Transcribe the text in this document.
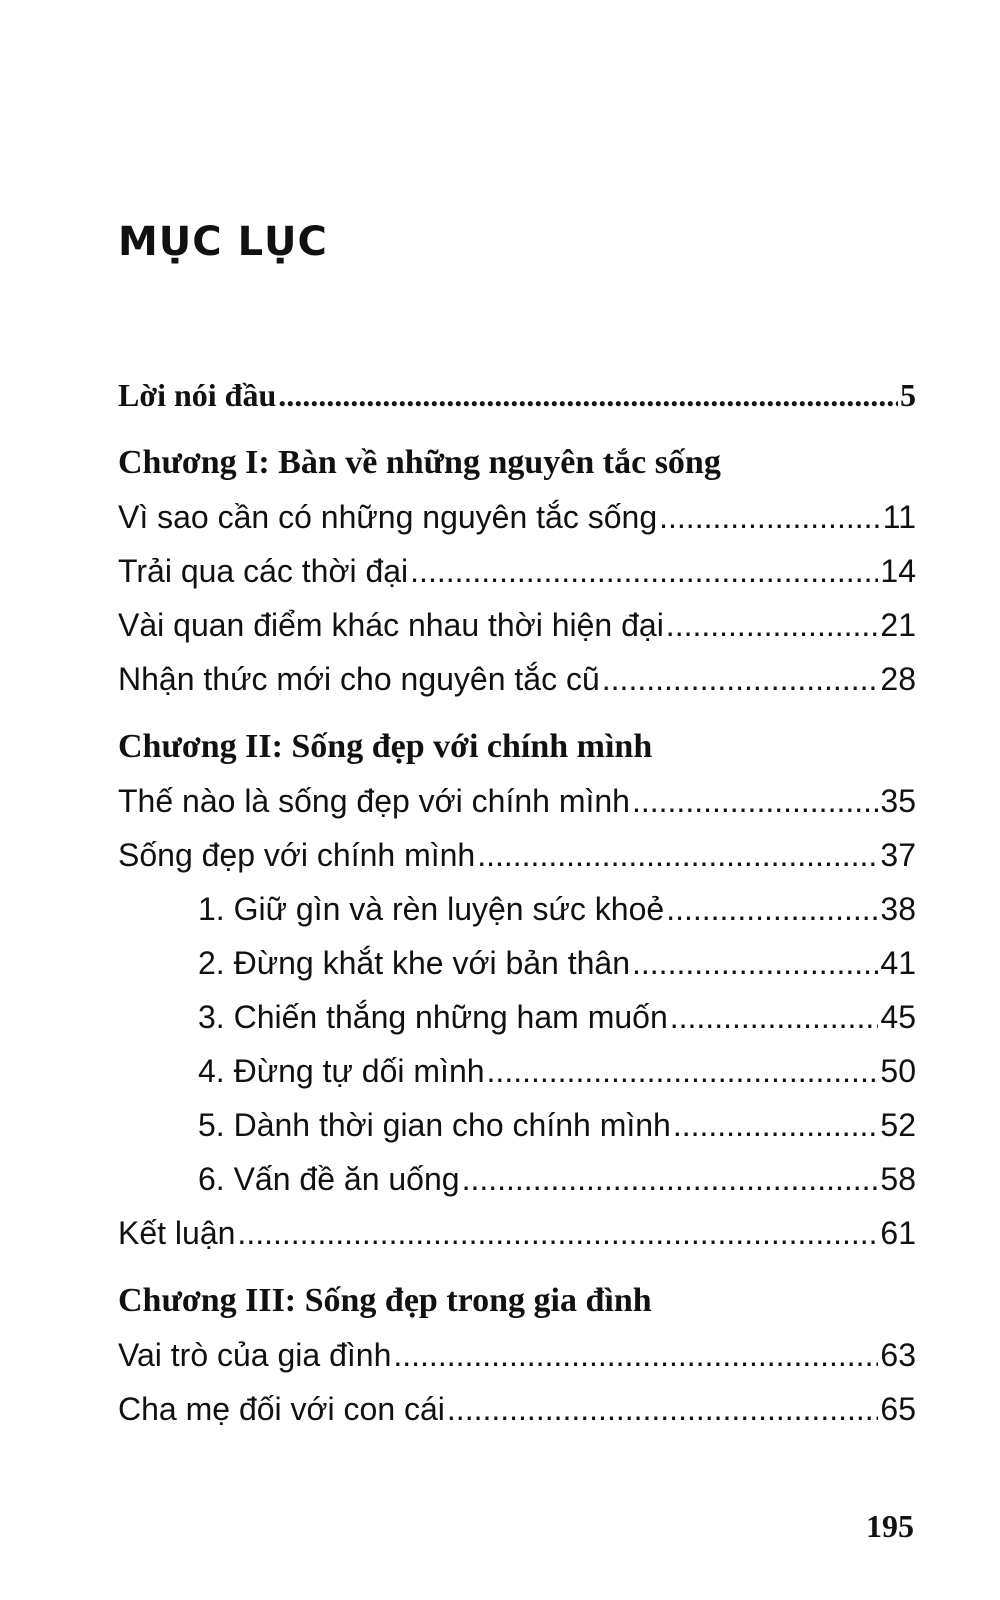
MỤC LỤC
Lời nói đầu .....	5
Chương I: Bàn về những nguyên tắc sống
Vì sao cần có những nguyên tắc sống .....	11
Trải qua các thời đại .....	14
Vài quan điểm khác nhau thời hiện đại .....	21
Nhận thức mới cho nguyên tắc cũ .....	28
Chương II: Sống đẹp với chính mình
Thế nào là sống đẹp với chính mình .....	35
Sống đẹp với chính mình .....	37
1. Giữ gìn và rèn luyện sức khoẻ .....	38
2. Đừng khắt khe với bản thân .....	41
3. Chiến thắng những ham muốn .....	45
4. Đừng tự dối mình .....	50
5. Dành thời gian cho chính mình .....	52
6. Vấn đề ăn uống .....	58
Kết luận .....	61
Chương III: Sống đẹp trong gia đình
Vai trò của gia đình .....	63
Cha mẹ đối với con cái .....	65
195
